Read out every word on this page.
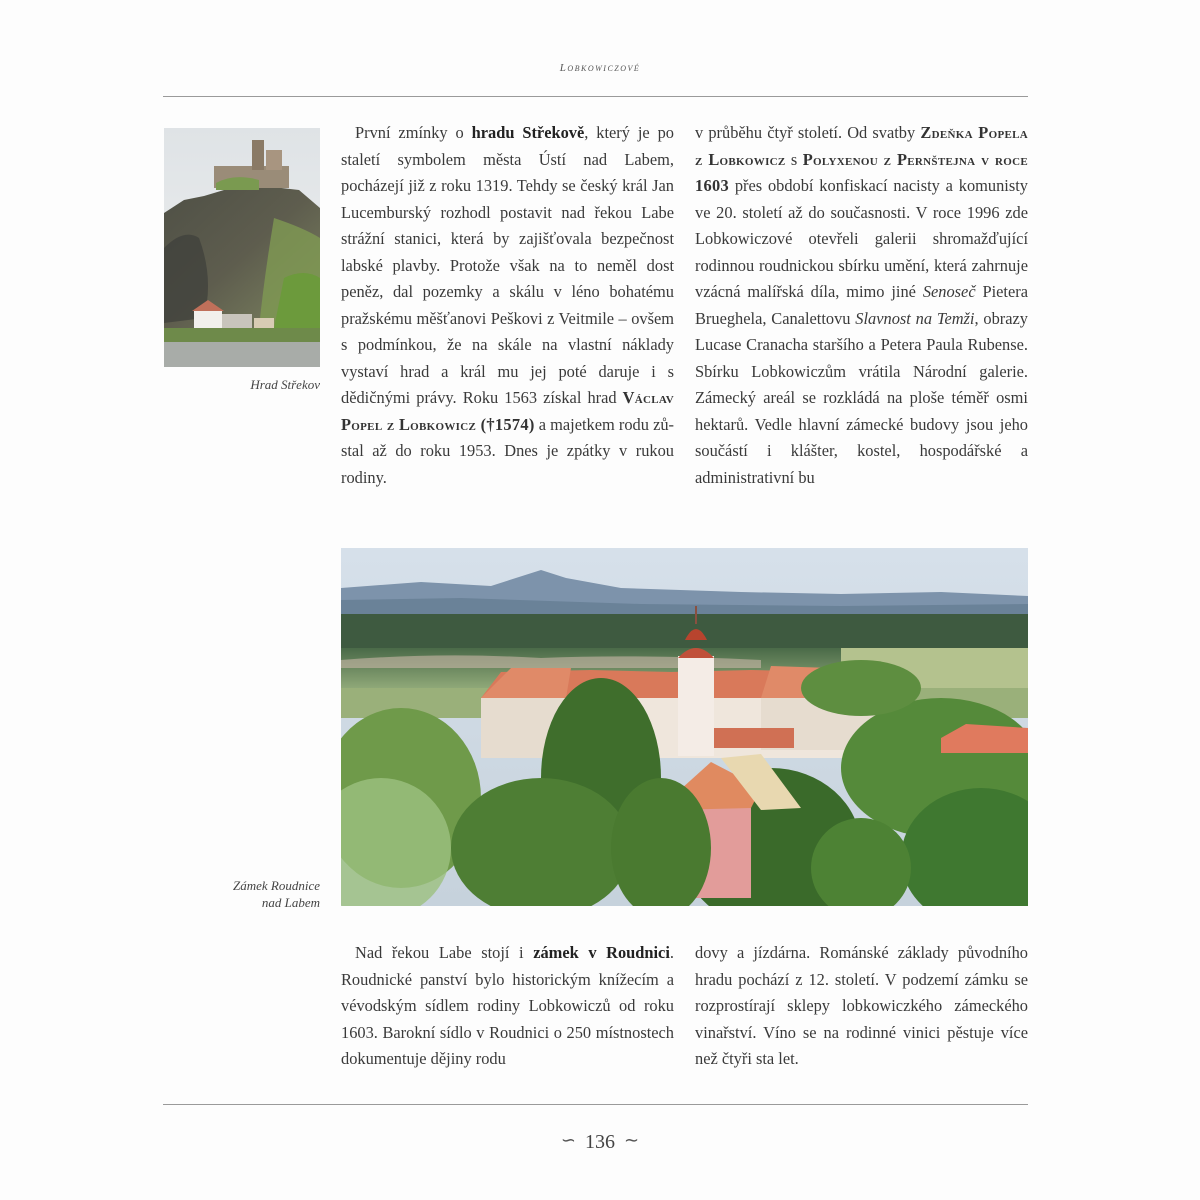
Lobkowiczové
Hrad Střekov

První zmínky o hradu Střekově, který je po staletí symbolem města Ústí nad Labem, pocházejí již z roku 1319. Tehdy se český král Jan Lucemburský rozhodl postavit nad řekou Labe strážní stanici, která by zajišťovala bezpečnost labské plavby. Protože však na to neměl dost peněz, dal pozemky a skálu v léno bohatému pražskému měšťanovi Peškovi z Veitmile – ovšem s podmínkou, že na skále na vlastní náklady vystaví hrad a král mu jej poté daruje i s dědičnými právy. Roku 1563 získal hrad Václav Popel z Lobkowicz (†1574) a majetkem rodu zůstal až do roku 1953. Dnes je zpátky v rukou rodiny.

v průběhu čtyř století. Od svatby Zdeňka Popela z Lobkowicz s Polyxenou z Pernštejna v roce 1603 přes období konfiskací nacisty a komunisty ve 20. století až do současnosti. V roce 1996 zde Lobkowiczové otevřeli galerii shromažďující rodinnou roudnickou sbírku umění, která zahrnuje vzácná malířská díla, mimo jiné Senoseč Pietera Brueghela, Canalettovu Slavnost na Temži, obrazy Lucase Cranacha staršího a Petera Paula Rubense. Sbírku Lobkowiczům vrátila Národní galerie. Zámecký areál se rozkládá na ploše téměř osmi hektarů. Vedle hlavní zámecké budovy jsou jeho součástí i klášter, kostel, hospodářské a administrativní bu

Zámek Roudnice
nad Labem

Nad řekou Labe stojí i zámek v Roudnici. Roudnické panství bylo historickým knížecím a vévodským sídlem rodiny Lobkowiczů od roku 1603. Barokní sídlo v Roudnici o 250 místnostech dokumentuje dějiny rodu

dovy a jízdárna. Románské základy původního hradu pochází z 12. století. V podzemí zámku se rozprostírají sklepy lobkowiczkého zámeckého vinařství. Víno se na rodinné vinici pěstuje více než čtyři sta let.

∽ 136 ∼
